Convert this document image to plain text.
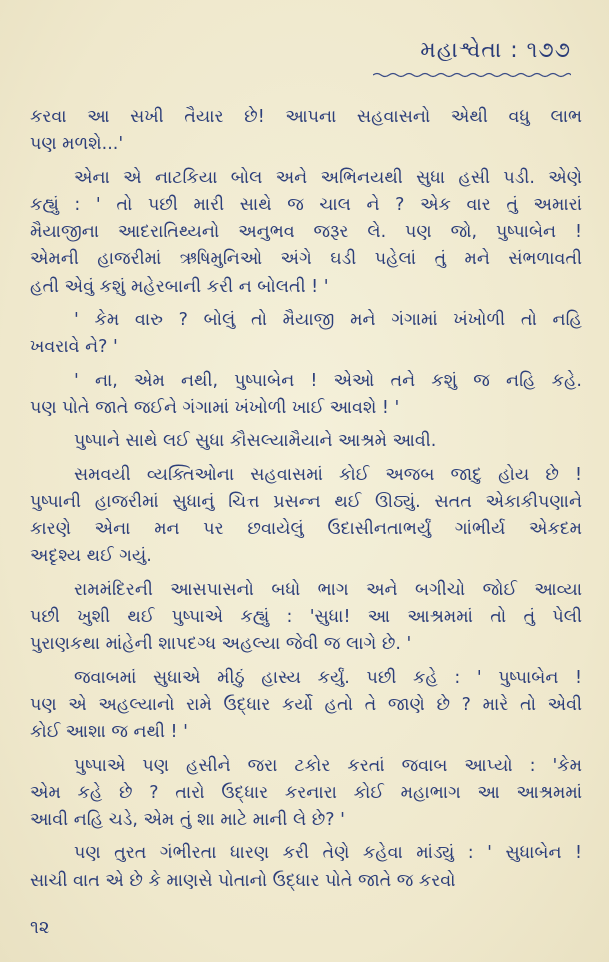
મહાશ્વેતા : ૧૭૭
કરવા આ સખી તૈયાર છે! આપના સહવાસનો એથી વધુ લાભ
પણ મળશે...'
એના એ નાટકિયા બોલ અને અભિનયથી સુધા હસી પડી. એણે
કહ્યું : ' તો પછી મારી સાથે જ ચાલ ને ? એક વાર તું અમારાં
મૈયાજીના આદરાતિથ્યનો અનુભવ જરૂર લે. પણ જો, પુષ્પાબેન !
એમની હાજરીમાં ઋષિમુનિઓ અંગે ઘડી પહેલાં તું મને સંભળાવતી
હતી એવું કશું મહેરબાની કરી ન બોલતી ! '
' કેમ વારુ ? બોલું તો મૈયાજી મને ગંગામાં ખંખોળી તો નહિ
ખવરાવે ને? '
' ના, એમ નથી, પુષ્પાબેન ! એઓ તને કશું જ નહિ કહે.
પણ પોતે જાતે જઈને ગંગામાં ખંખોળી ખાઈ આવશે ! '
પુષ્પાને સાથે લઈ સુધા કૌસલ્યામૈયાને આશ્રમે આવી.
સમવયી વ્યક્તિઓના સહવાસમાં કોઈ અજબ જાદુ હોય છે !
પુષ્પાની હાજરીમાં સુધાનું ચિત્ત પ્રસન્ન થઈ ઊઠ્યું. સતત એકાકીપણાને
કારણે એના મન પર છવાયેલું ઉદાસીનતાભર્યું ગાંભીર્ય એકદમ
અદૃશ્ય થઈ ગયું.
રામમંદિરની આસપાસનો બધો ભાગ અને બગીચો જોઈ આવ્યા
પછી ખુશી થઈ પુષ્પાએ કહ્યું : 'સુધા! આ આશ્રમમાં તો તું પેલી
પુરાણકથા માંહેની શાપદગ્ધ અહલ્યા જેવી જ લાગે છે. '
જવાબમાં સુધાએ મીઠું હાસ્ય કર્યું. પછી કહે : ' પુષ્પાબેન !
પણ એ અહલ્યાનો રામે ઉદ્ધાર કર્યો હતો તે જાણે છે ? મારે તો એવી
કોઈ આશા જ નથી ! '
પુષ્પાએ પણ હસીને જરા ટકોર કરતાં જવાબ આપ્યો : 'કેમ
એમ કહે છે ? તારો ઉદ્ધાર કરનારા કોઈ મહાભાગ આ આશ્રમમાં
આવી નહિ ચડે, એમ તું શા માટે માની લે છે? '
પણ તુરત ગંભીરતા ધારણ કરી તેણે કહેવા માંડ્યું : ' સુધાબેન !
સાચી વાત એ છે કે માણસે પોતાનો ઉદ્ધાર પોતે જાતે જ કરવો
૧૨
